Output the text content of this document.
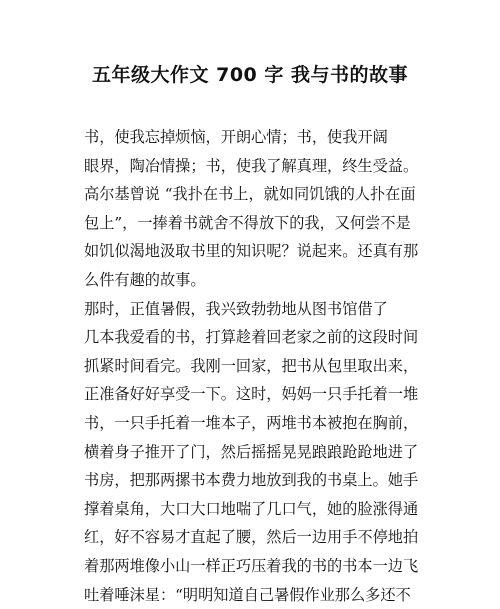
五年级大作文 700 字 我与书的故事
书，使我忘掉烦恼，开朗心情；书，使我开阔
眼界，陶冶情操；书，使我了解真理，终生受益。
高尔基曾说 “我扑在书上，就如同饥饿的人扑在面
包上”，一捧着书就舍不得放下的我，又何尝不是
如饥似渴地汲取书里的知识呢？说起来。还真有那
么件有趣的故事。
那时，正值暑假，我兴致勃勃地从图书馆借了
几本我爱看的书，打算趁着回老家之前的这段时间
抓紧时间看完。我刚一回家，把书从包里取出来，
正准备好好享受一下。这时，妈妈一只手托着一堆
书，一只手托着一堆本子，两堆书本被抱在胸前，
横着身子推开了门，然后摇摇晃晃踉踉跄跄地进了
书房，把那两摞书本费力地放到我的书桌上。她手
撑着桌角，大口大口地喘了几口气，她的脸涨得通
红，好不容易才直起了腰，然后一边用手不停地拍
着那两堆像小山一样正巧压着我的书的书本一边飞
吐着唾沫星：“明明知道自己暑假作业那么多还不
